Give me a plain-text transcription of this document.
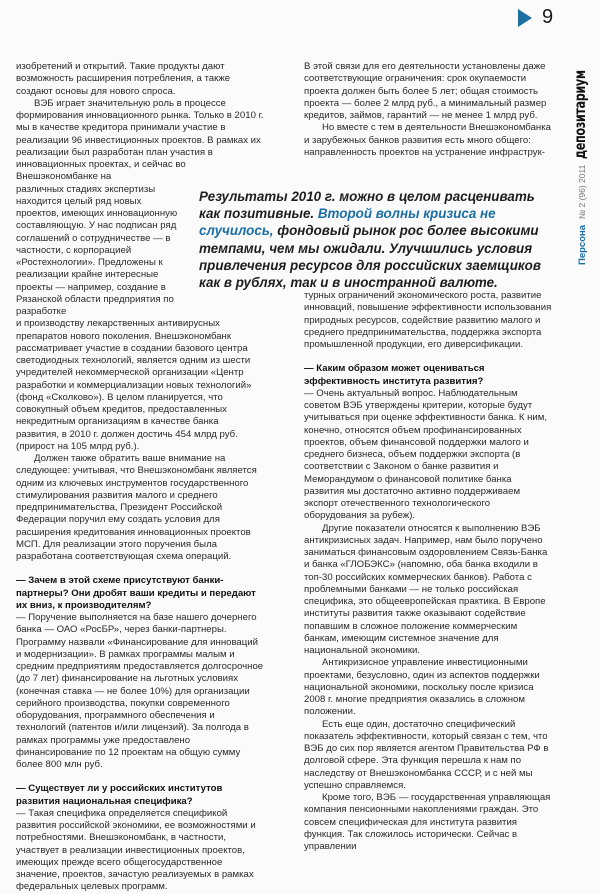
9
Персона
№ 2 (96) 2011
депозитариум

изобретений и открытий. Такие продукты дают возможность расширения потребления, а также создают основы для нового спроса.

ВЭБ играет значительную роль в процессе формирования инновационного рынка. Только в 2010 г. мы в качестве кредитора принимали участие в реализации 96 инвестиционных проектов. В рамках их реализации был разработан план участия в инновационных проектах, и сейчас во Внешэкономбанке на

различных стадиях экспертизы находится целый ряд новых проектов, имеющих инновационную составляющую. У нас подписан ряд соглашений о сотрудничестве — в частности, с корпорацией «Ростехнологии». Предложены к реализации крайне интересные проекты — например, создание в Рязанской области предприятия по разработке

и производству лекарственных антивирусных препаратов нового поколения. Внешэкономбанк рассматривает участие в создании базового центра светодиодных технологий, является одним из шести учредителей некоммерческой организации «Центр разработки и коммерциализации новых технологий» (фонд «Сколково»). В целом планируется, что совокупный объем кредитов, предоставленных некредитным организациям в качестве банка развития, в 2010 г. должен достичь 454 млрд руб. (прирост на 105 млрд руб.).

Должен также обратить ваше внимание на следующее: учитывая, что Внешэкономбанк является одним из ключевых инструментов государственного стимулирования развития малого и среднего предпринимательства, Президент Российской Федерации поручил ему создать условия для расширения кредитования инновационных проектов МСП. Для реализации этого поручения была разработана соответствующая схема операций.

— Зачем в этой схеме присутствуют банки-партнеры? Они дробят ваши кредиты и передают их вниз, к производителям?

— Поручение выполняется на базе нашего дочернего банка — ОАО «РосБР», через банки-партнеры. Программу назвали «Финансирование для инноваций и модернизации». В рамках программы малым и средним предприятиям предоставляется долгосрочное (до 7 лет) финансирование на льготных условиях (конечная ставка — не более 10%) для организации серийного производства, покупки современного оборудования, программного обеспечения и технологий (патентов и/или лицензий). За полгода в рамках программы уже предоставлено финансирование по 12 проектам на общую сумму более 800 млн руб.

— Существует ли у российских институтов развития национальная специфика?

— Такая специфика определяется спецификой развития российской экономики, ее возможностями и потребностями. Внешэкономбанк, в частности, участвует в реализации инвестиционных проектов, имеющих прежде всего общегосударственное значение, проектов, зачастую реализуемых в рамках федеральных целевых программ.

В этой связи для его деятельности установлены даже соответствующие ограничения: срок окупаемости проекта должен быть более 5 лет; общая стоимость проекта — более 2 млрд руб., а минимальный размер кредитов, займов, гарантий — не менее 1 млрд руб.

Но вместе с тем в деятельности Внешэкономбанка и зарубежных банков развития есть много общего: направленность проектов на устранение инфраструк-

Результаты 2010 г. можно в целом расценивать как позитивные. Второй волны кризиса не случилось, фондовый рынок рос более высокими темпами, чем мы ожидали. Улучшились условия привлечения ресурсов для российских заемщиков как в рублях, так и в иностранной валюте.

турных ограничений экономического роста, развитие инноваций, повышение эффективности использования природных ресурсов, содействие развитию малого и среднего предпринимательства, поддержка экспорта промышленной продукции, его диверсификации.

— Каким образом может оцениваться эффективность института развития?

— Очень актуальный вопрос. Наблюдательным советом ВЭБ утверждены критерии, которые будут учитываться при оценке эффективности банка. К ним, конечно, относятся объем профинансированных проектов, объем финансовой поддержки малого и среднего бизнеса, объем поддержки экспорта (в соответствии с Законом о банке развития и Меморандумом о финансовой политике банка развития мы достаточно активно поддерживаем экспорт отечественного технологического оборудования за рубеж).

Другие показатели относятся к выполнению ВЭБ антикризисных задач. Например, нам было поручено заниматься финансовым оздоровлением Связь-Банка и банка «ГЛОБЭКС» (напомню, оба банка входили в топ-30 российских коммерческих банков). Работа с проблемными банками — не только российская специфика, это общеевропейская практика. В Европе институты развития также оказывают содействие попавшим в сложное положение коммерческим банкам, имеющим системное значение для национальной экономики.

Антикризисное управление инвестиционными проектами, безусловно, один из аспектов поддержки национальной экономики, поскольку после кризиса 2008 г. многие предприятия оказались в сложном положении.

Есть еще один, достаточно специфический показатель эффективности, который связан с тем, что ВЭБ до сих пор является агентом Правительства РФ в долговой сфере. Эта функция перешла к нам по наследству от Внешэкономбанка СССР, и с ней мы успешно справляемся.

Кроме того, ВЭБ — государственная управляющая компания пенсионными накоплениями граждан. Это совсем специфическая для института развития функция. Так сложилось исторически. Сейчас в управлении
